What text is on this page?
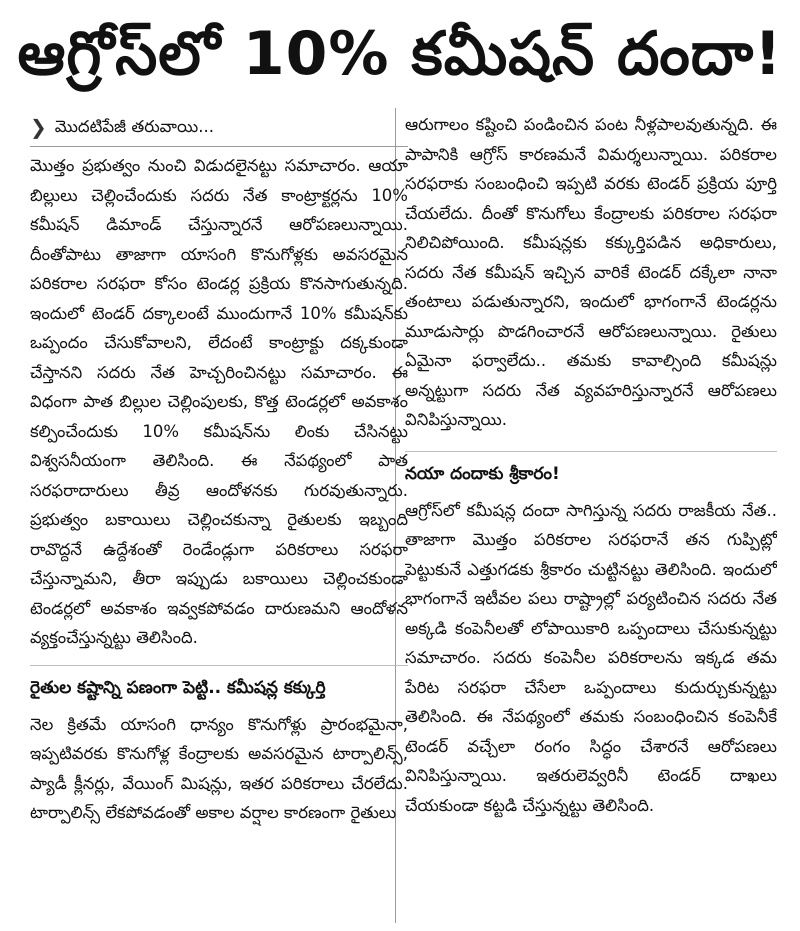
ఆగ్రోస్‌లో 10% కమీషన్ దందా!
❯ మొదటిపేజీ తరువాయి...

మొత్తం ప్రభుత్వం నుంచి విడుదలైనట్టు సమాచారం. ఆయా బిల్లులు చెల్లించేందుకు సదరు నేత కాంట్రాక్టర్లను 10% కమీషన్ డిమాండ్ చేస్తున్నారనే ఆరోపణలున్నాయి. దీంతోపాటు తాజాగా యాసంగి కొనుగోళ్లకు అవసరమైన పరికరాల సరఫరా కోసం టెండర్ల ప్రక్రియ కొనసాగుతున్నది. ఇందులో టెండర్ దక్కాలంటే ముందుగానే 10% కమీషన్‌కు ఒప్పందం చేసుకోవాలని, లేదంటే కాంట్రాక్టు దక్కకుండా చేస్తానని సదరు నేత హెచ్చరించినట్టు సమాచారం. ఈ విధంగా పాత బిల్లుల చెల్లింపులకు, కొత్త టెండర్లలో అవకాశం కల్పించేందుకు 10% కమీషన్‌ను లింకు చేసినట్టు విశ్వసనీయంగా తెలిసింది. ఈ నేపథ్యంలో పాత సరఫరాదారులు తీవ్ర ఆందోళనకు గురవుతున్నారు. ప్రభుత్వం బకాయిలు చెల్లించకున్నా రైతులకు ఇబ్బంది రావొద్దనే ఉద్దేశంతో రెండేండ్లుగా పరికరాలు సరఫరా చేస్తున్నామని, తీరా ఇప్పుడు బకాయిలు చెల్లించకుండా టెండర్లలో అవకాశం ఇవ్వకపోవడం దారుణమని ఆందోళన వ్యక్తంచేస్తున్నట్టు తెలిసింది.

రైతుల కష్టాన్ని పణంగా పెట్టి.. కమీషన్ల కక్కుర్తి

నెల క్రితమే యాసంగి ధాన్యం కొనుగోళ్లు ప్రారంభమైనా, ఇప్పటివరకు కొనుగోళ్ల కేంద్రాలకు అవసరమైన టార్పాలిన్స్, ప్యాడీ క్లీనర్లు, వేయింగ్ మిషన్లు, ఇతర పరికరాలు చేరలేదు. టార్పాలిన్స్ లేకపోవడంతో అకాల వర్షాల కారణంగా రైతులు

ఆరుగాలం కష్టించి పండించిన పంట నీళ్లపాలవుతున్నది. ఈ పాపానికి ఆగ్రోస్ కారణమనే విమర్శలున్నాయి. పరికరాల సరఫరాకు సంబంధించి ఇప్పటి వరకు టెండర్ ప్రక్రియ పూర్తి చేయలేదు. దీంతో కొనుగోలు కేంద్రాలకు పరికరాల సరఫరా నిలిచిపోయింది. కమీషన్లకు కక్కుర్తిపడిన అధికారులు, సదరు నేత కమీషన్ ఇచ్చిన వారికే టెండర్ దక్కేలా నానా తంటాలు పడుతున్నారని, ఇందులో భాగంగానే టెండర్లను మూడుసార్లు పొడగించారనే ఆరోపణలున్నాయి. రైతులు ఏమైనా ఫర్వాలేదు.. తమకు కావాల్సింది కమీషన్లు అన్నట్టుగా సదరు నేత వ్యవహరిస్తున్నారనే ఆరోపణలు వినిపిస్తున్నాయి.

నయా దందాకు శ్రీకారం!

ఆగ్రోస్‌లో కమీషన్ల దందా సాగిస్తున్న సదరు రాజకీయ నేత.. తాజాగా మొత్తం పరికరాల సరఫరానే తన గుప్పిట్లో పెట్టుకునే ఎత్తుగడకు శ్రీకారం చుట్టినట్టు తెలిసింది. ఇందులో భాగంగానే ఇటీవల పలు రాష్ట్రాల్లో పర్యటించిన సదరు నేత అక్కడి కంపెనీలతో లోపాయికారి ఒప్పందాలు చేసుకున్నట్టు సమాచారం. సదరు కంపెనీల పరికరాలను ఇక్కడ తమ పేరిట సరఫరా చేసేలా ఒప్పందాలు కుదుర్చుకున్నట్టు తెలిసింది. ఈ నేపథ్యంలో తమకు సంబంధించిన కంపెనీకే టెండర్ వచ్చేలా రంగం సిద్ధం చేశారనే ఆరోపణలు వినిపిస్తున్నాయి. ఇతరులెవ్వరినీ టెండర్ దాఖలు చేయకుండా కట్టడి చేస్తున్నట్టు తెలిసింది.
